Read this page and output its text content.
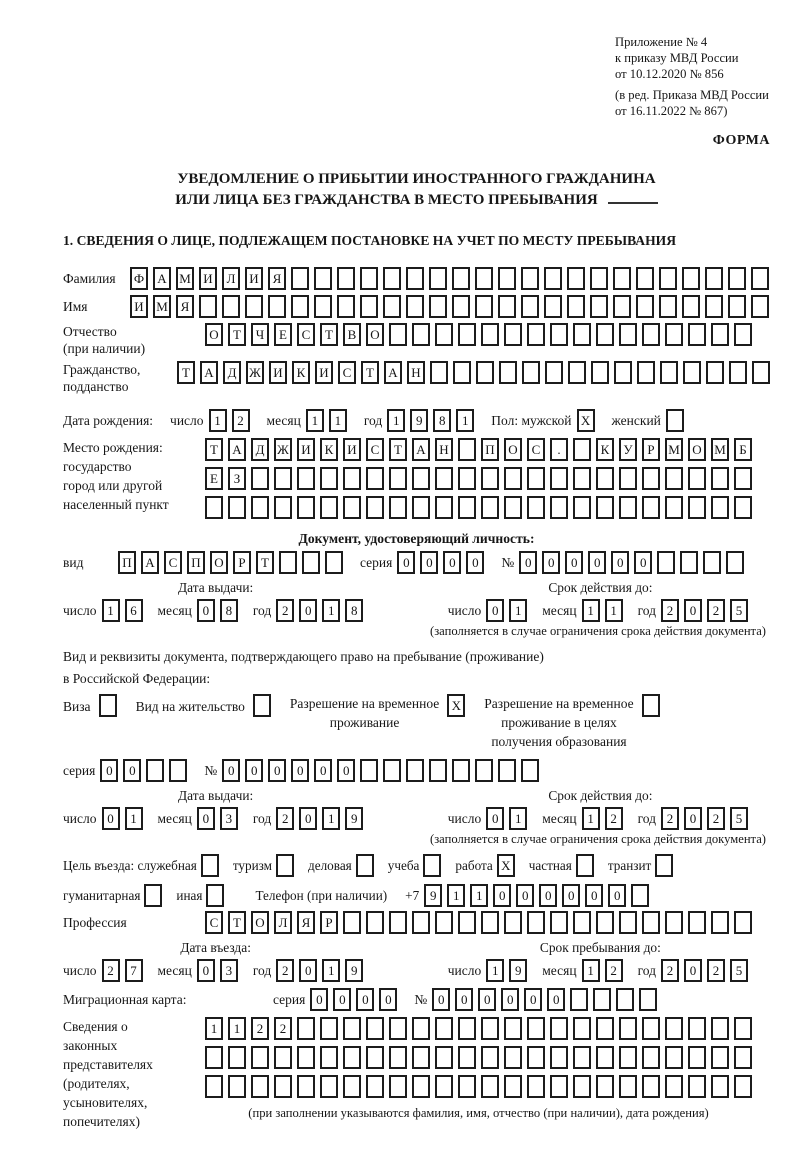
Приложение № 4
к приказу МВД России
от 10.12.2020 № 856
(в ред. Приказа МВД России
от 16.11.2022 № 867)
ФОРМА
УВЕДОМЛЕНИЕ О ПРИБЫТИИ ИНОСТРАННОГО ГРАЖДАНИНА
ИЛИ ЛИЦА БЕЗ ГРАЖДАНСТВА В МЕСТО ПРЕБЫВАНИЯ
1. СВЕДЕНИЯ О ЛИЦЕ, ПОДЛЕЖАЩЕМ ПОСТАНОВКЕ НА УЧЕТ ПО МЕСТУ ПРЕБЫВАНИЯ
Фамилия	Ф	А М И	Л	И	Я
Имя	И М Я
Отчество
(при наличии)
О	Т	Ч	Е	С	Т	В	О
Гражданство,
подданство
Т	А	Д Ж И	К	И	С	Т	А	Н
Дата рождения: число 1	2	месяц 1	1	год 1	9	8	1	Пол: мужской X	женский
Место рождения:
государство
город или другой
населенный пункт
Т	А	Д Ж И	К	И	С	Т	А	Н	П	О	С	.	К	У	Р	М О М	Б
Е	З
Документ, удостоверяющий личность:
вид	П	А	С	П	О	Р	Т	серия 0	0	0	0	№ 0	0	0	0	0	0
Дата выдачи:
число 1	6	месяц 0	8	год 2	0	1	8
Срок действия до:
число 0	1	месяц 1	1	год 2	0	2	5
(заполняется в случае ограничения срока действия документа)
Вид и реквизиты документа, подтверждающего право на пребывание (проживание)
в Российской Федерации:
Виза	Вид на жительство	Разрешение на временное
проживание
X	Разрешение на временное
проживание в целях
получения образования
серия 0	0	№ 0	0	0	0	0	0
Дата выдачи:
число 0	1	месяц 0	3	год 2	0	1	9
Срок действия до:
число 0	1	месяц 1	2	год 2	0	2	5
(заполняется в случае ограничения срока действия документа)
Цель въезда: служебная	туризм	деловая	учеба	работа X	частная	транзит
гуманитарная	иная	Телефон (при наличии) +7 9	1	1	0	0	0	0	0	0
Профессия	С	Т	О	Л	Я	Р
Дата въезда:
число 2	7	месяц 0	3	год 2	0	1	9
Срок пребывания до:
число 1	9	месяц 1	2	год 2	0	2	5
Миграционная карта:	серия 0	0	0	0	№ 0	0	0	0	0	0
Сведения о
законных
представителях
(родителях,
усыновителях,
попечителях)
1	1	2	2
(при заполнении указываются фамилия, имя, отчество (при наличии), дата рождения)
